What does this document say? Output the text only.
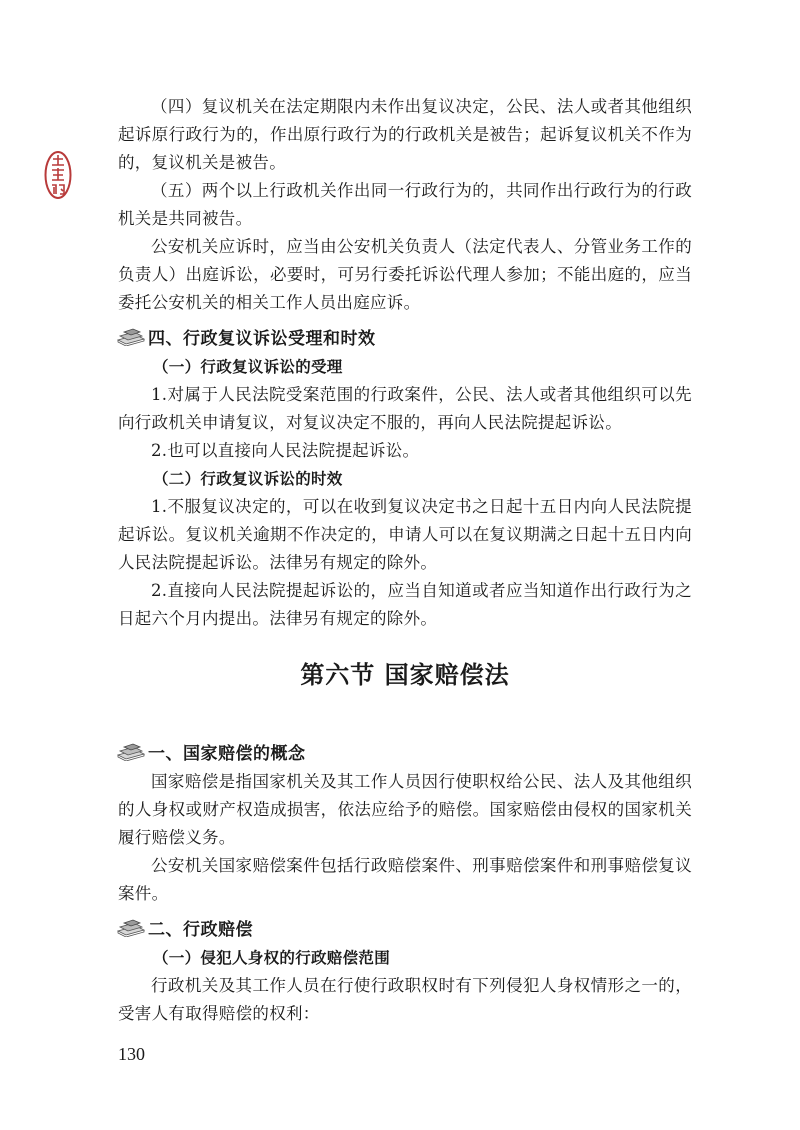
（四）复议机关在法定期限内未作出复议决定，公民、法人或者其他组织起诉原行政行为的，作出原行政行为的行政机关是被告；起诉复议机关不作为的，复议机关是被告。

（五）两个以上行政机关作出同一行政行为的，共同作出行政行为的行政机关是共同被告。

公安机关应诉时，应当由公安机关负责人（法定代表人、分管业务工作的负责人）出庭诉讼，必要时，可另行委托诉讼代理人参加；不能出庭的，应当委托公安机关的相关工作人员出庭应诉。

四、行政复议诉讼受理和时效

（一）行政复议诉讼的受理

1.对属于人民法院受案范围的行政案件，公民、法人或者其他组织可以先向行政机关申请复议，对复议决定不服的，再向人民法院提起诉讼。

2.也可以直接向人民法院提起诉讼。

（二）行政复议诉讼的时效

1.不服复议决定的，可以在收到复议决定书之日起十五日内向人民法院提起诉讼。复议机关逾期不作决定的，申请人可以在复议期满之日起十五日内向人民法院提起诉讼。法律另有规定的除外。

2.直接向人民法院提起诉讼的，应当自知道或者应当知道作出行政行为之日起六个月内提出。法律另有规定的除外。

第六节 国家赔偿法
一、国家赔偿的概念

国家赔偿是指国家机关及其工作人员因行使职权给公民、法人及其他组织的人身权或财产权造成损害，依法应给予的赔偿。国家赔偿由侵权的国家机关履行赔偿义务。

公安机关国家赔偿案件包括行政赔偿案件、刑事赔偿案件和刑事赔偿复议案件。

二、行政赔偿

（一）侵犯人身权的行政赔偿范围

行政机关及其工作人员在行使行政职权时有下列侵犯人身权情形之一的，受害人有取得赔偿的权利：

130
